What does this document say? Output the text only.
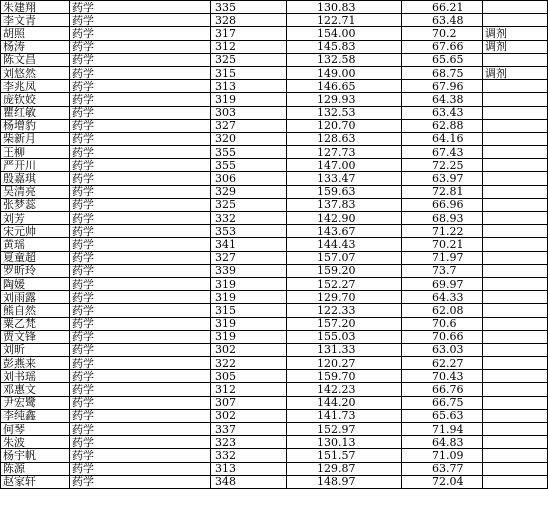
朱建翔	药学	335	130.83	66.21	
李文青	药学	328	122.71	63.48	
胡照	药学	317	154.00	70.2	调剂
杨涛	药学	312	145.83	67.66	调剂
陈文昌	药学	325	132.58	65.65	
刘悠然	药学	315	149.00	68.75	调剂
李兆凤	药学	313	146.65	67.96	
庞钦姣	药学	319	129.93	64.38	
瞿红敏	药学	303	132.53	63.43	
杨增豹	药学	327	120.70	62.88	
柴新月	药学	320	128.63	64.16	
王柳	药学	355	127.73	67.43	
严开川	药学	355	147.00	72.25	
殷嘉琪	药学	306	133.47	63.97	
吴清亮	药学	329	159.63	72.81	
张梦蕊	药学	325	137.83	66.96	
刘芳	药学	332	142.90	68.93	
宋元帅	药学	353	143.67	71.22	
黄瑶	药学	341	144.43	70.21	
夏童超	药学	327	157.07	71.97	
罗昕玲	药学	339	159.20	73.7	
陶媛	药学	319	152.27	69.97	
刘雨露	药学	319	129.70	64.33	
熊自然	药学	315	122.33	62.08	
粟乙梵	药学	319	157.20	70.6	
贾文锋	药学	319	155.03	70.66	
刘昕	药学	302	131.33	63.03	
彭燕来	药学	322	120.27	62.27	
刘书瑶	药学	305	159.70	70.43	
邓惠文	药学	312	142.23	66.76	
尹宏鹭	药学	307	144.20	66.75	
李纯鑫	药学	302	141.73	65.63	
何琴	药学	337	152.97	71.94	
朱波	药学	323	130.13	64.83	
杨宇帆	药学	332	151.57	71.09	
陈源	药学	313	129.87	63.77	
赵家轩	药学	348	148.97	72.04	
